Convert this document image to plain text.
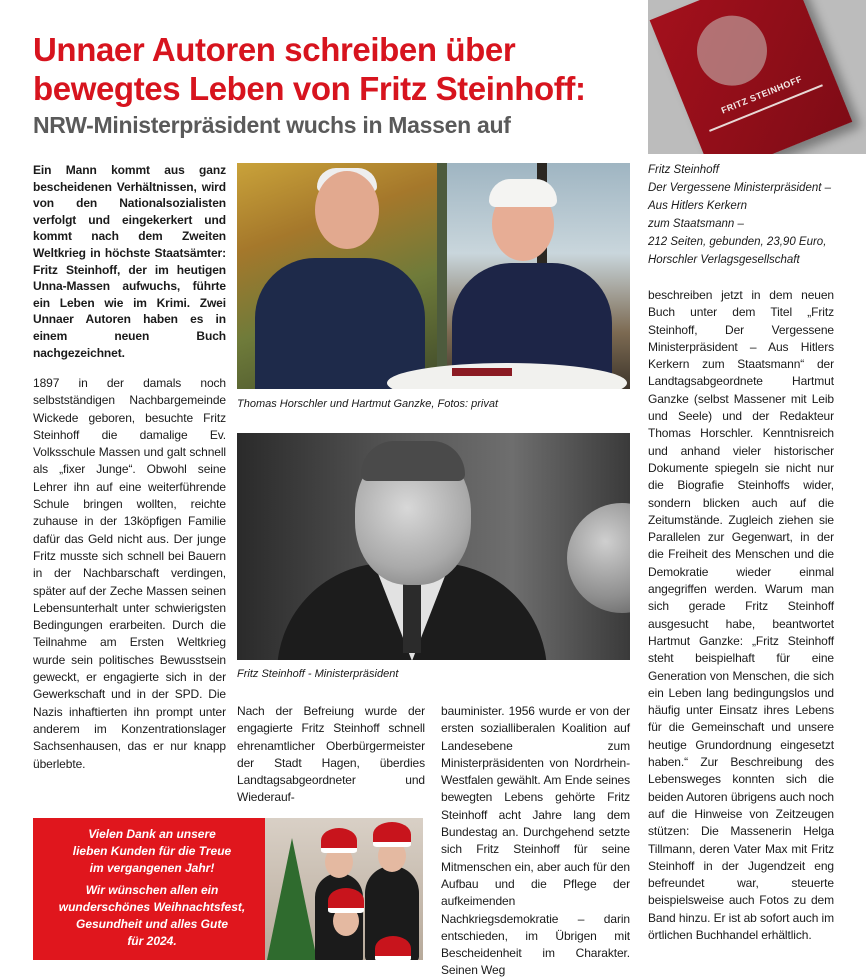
Unnaer Autoren schreiben über
bewegtes Leben von Fritz Steinhoff:
NRW-Ministerpräsident wuchs in Massen auf
FRITZ STEINHOFF

Fritz Steinhoff

Der Vergessene Ministerpräsident –

Aus Hitlers Kerkern

zum Staatsmann –

212 Seiten, gebunden, 23,90 Euro,

Horschler Verlagsgesellschaft

Ein Mann kommt aus ganz bescheidenen Verhältnissen, wird von den Nationalsozialisten verfolgt und eingekerkert und kommt nach dem Zweiten Weltkrieg in höchste Staatsämter: Fritz Steinhoff, der im heutigen Unna-Massen aufwuchs, führte ein Leben wie im Krimi. Zwei Unnaer Autoren haben es in einem neuen Buch nachgezeichnet.

1897 in der damals noch selbstständigen Nachbargemeinde Wickede geboren, besuchte Fritz Steinhoff die damalige Ev. Volksschule Massen und galt schnell als „fixer Junge“. Obwohl seine Lehrer ihn auf eine weiterführende Schule bringen wollten, reichte zuhause in der 13köpfigen Familie dafür das Geld nicht aus. Der junge Fritz musste sich schnell bei Bauern in der Nachbarschaft verdingen, später auf der Zeche Massen seinen Lebensunterhalt unter schwierigsten Bedingungen erarbeiten. Durch die Teilnahme am Ersten Weltkrieg wurde sein politisches Bewusstsein geweckt, er engagierte sich in der Gewerkschaft und in der SPD. Die Nazis inhaftierten ihn prompt unter anderem im Konzentrationslager Sachsenhausen, das er nur knapp überlebte.

Thomas Horschler und Hartmut Ganzke, Fotos: privat

Fritz Steinhoff - Ministerpräsident

Nach der Befreiung wurde der engagierte Fritz Steinhoff schnell ehrenamtlicher Oberbürgermeister der Stadt Hagen, überdies Landtagsabgeordneter und Wiederauf-

bauminister. 1956 wurde er von der ersten sozialliberalen Koalition auf Landesebene zum Ministerpräsidenten von Nordrhein-Westfalen gewählt. Am Ende seines bewegten Lebens gehörte Fritz Steinhoff acht Jahre lang dem Bundestag an. Durchgehend setzte sich Fritz Steinhoff für seine Mitmenschen ein, aber auch für den Aufbau und die Pflege der aufkeimenden Nachkriegsdemokratie – darin entschieden, im Übrigen mit Bescheidenheit im Charakter. Seinen Weg

beschreiben jetzt in dem neuen Buch unter dem Titel „Fritz Steinhoff, Der Vergessene Ministerpräsident – Aus Hitlers Kerkern zum Staatsmann“ der Landtagsabgeordnete Hartmut Ganzke (selbst Massener mit Leib und Seele) und der Redakteur Thomas Horschler. Kenntnisreich und anhand vieler historischer Dokumente spiegeln sie nicht nur die Biografie Steinhoffs wider, sondern blicken auch auf die Zeitumstände. Zugleich ziehen sie Parallelen zur Gegenwart, in der die Freiheit des Menschen und die Demokratie wieder einmal angegriffen werden. Warum man sich gerade Fritz Steinhoff ausgesucht habe, beantwortet Hartmut Ganzke: „Fritz Steinhoff steht beispielhaft für eine Generation von Menschen, die sich ein Leben lang bedingungslos und häufig unter Einsatz ihres Lebens für die Gemeinschaft und unsere heutige Grundordnung eingesetzt haben.“ Zur Beschreibung des Lebensweges konnten sich die beiden Autoren übrigens auch noch auf die Hinweise von Zeitzeugen stützen: Die Massenerin Helga Tillmann, deren Vater Max mit Fritz Steinhoff in der Jugendzeit eng befreundet war, steuerte beispielsweise auch Fotos zu dem Band hinzu. Er ist ab sofort auch im örtlichen Buchhandel erhältlich.

Vielen Dank an unsere

lieben Kunden für die Treue

im vergangenen Jahr!

Wir wünschen allen ein

wunderschönes Weihnachtsfest,

Gesundheit und alles Gute

für 2024.
